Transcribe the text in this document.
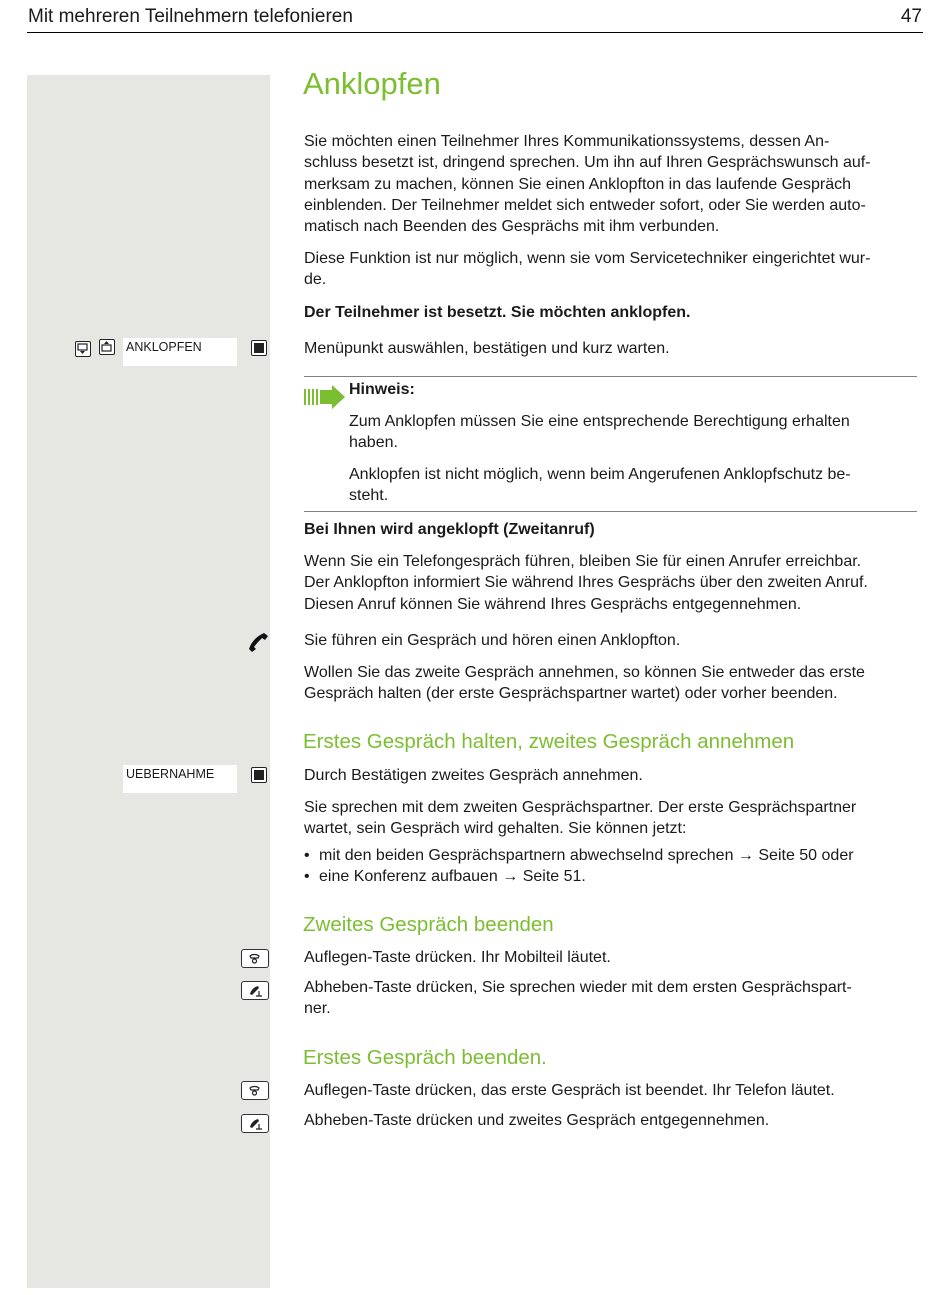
Mit mehreren Teilnehmern telefonieren	47
Anklopfen
Sie möchten einen Teilnehmer Ihres Kommunikationssystems, dessen An-
schluss besetzt ist, dringend sprechen. Um ihn auf Ihren Gesprächswunsch auf-
merksam zu machen, können Sie einen Anklopfton in das laufende Gespräch
einblenden. Der Teilnehmer meldet sich entweder sofort, oder Sie werden auto-
matisch nach Beenden des Gesprächs mit ihm verbunden.
Diese Funktion ist nur möglich, wenn sie vom Servicetechniker eingerichtet wur-
de.
Der Teilnehmer ist besetzt. Sie möchten anklopfen.
ANKLOPFEN	Menüpunkt auswählen, bestätigen und kurz warten.
Hinweis:
Zum Anklopfen müssen Sie eine entsprechende Berechtigung erhalten
haben.
Anklopfen ist nicht möglich, wenn beim Angerufenen Anklopfschutz be-
steht.
Bei Ihnen wird angeklopft (Zweitanruf)
Wenn Sie ein Telefongespräch führen, bleiben Sie für einen Anrufer erreichbar.
Der Anklopfton informiert Sie während Ihres Gesprächs über den zweiten Anruf.
Diesen Anruf können Sie während Ihres Gesprächs entgegennehmen.
Sie führen ein Gespräch und hören einen Anklopfton.
Wollen Sie das zweite Gespräch annehmen, so können Sie entweder das erste
Gespräch halten (der erste Gesprächspartner wartet) oder vorher beenden.
Erstes Gespräch halten, zweites Gespräch annehmen
UEBERNAHME	Durch Bestätigen zweites Gespräch annehmen.
Sie sprechen mit dem zweiten Gesprächspartner. Der erste Gesprächspartner
wartet, sein Gespräch wird gehalten. Sie können jetzt:
• mit den beiden Gesprächspartnern abwechselnd sprechen → Seite 50 oder
• eine Konferenz aufbauen → Seite 51.
Zweites Gespräch beenden
Auflegen-Taste drücken. Ihr Mobilteil läutet.
Abheben-Taste drücken, Sie sprechen wieder mit dem ersten Gesprächspart-
ner.
Erstes Gespräch beenden.
Auflegen-Taste drücken, das erste Gespräch ist beendet. Ihr Telefon läutet.
Abheben-Taste drücken und zweites Gespräch entgegennehmen.
